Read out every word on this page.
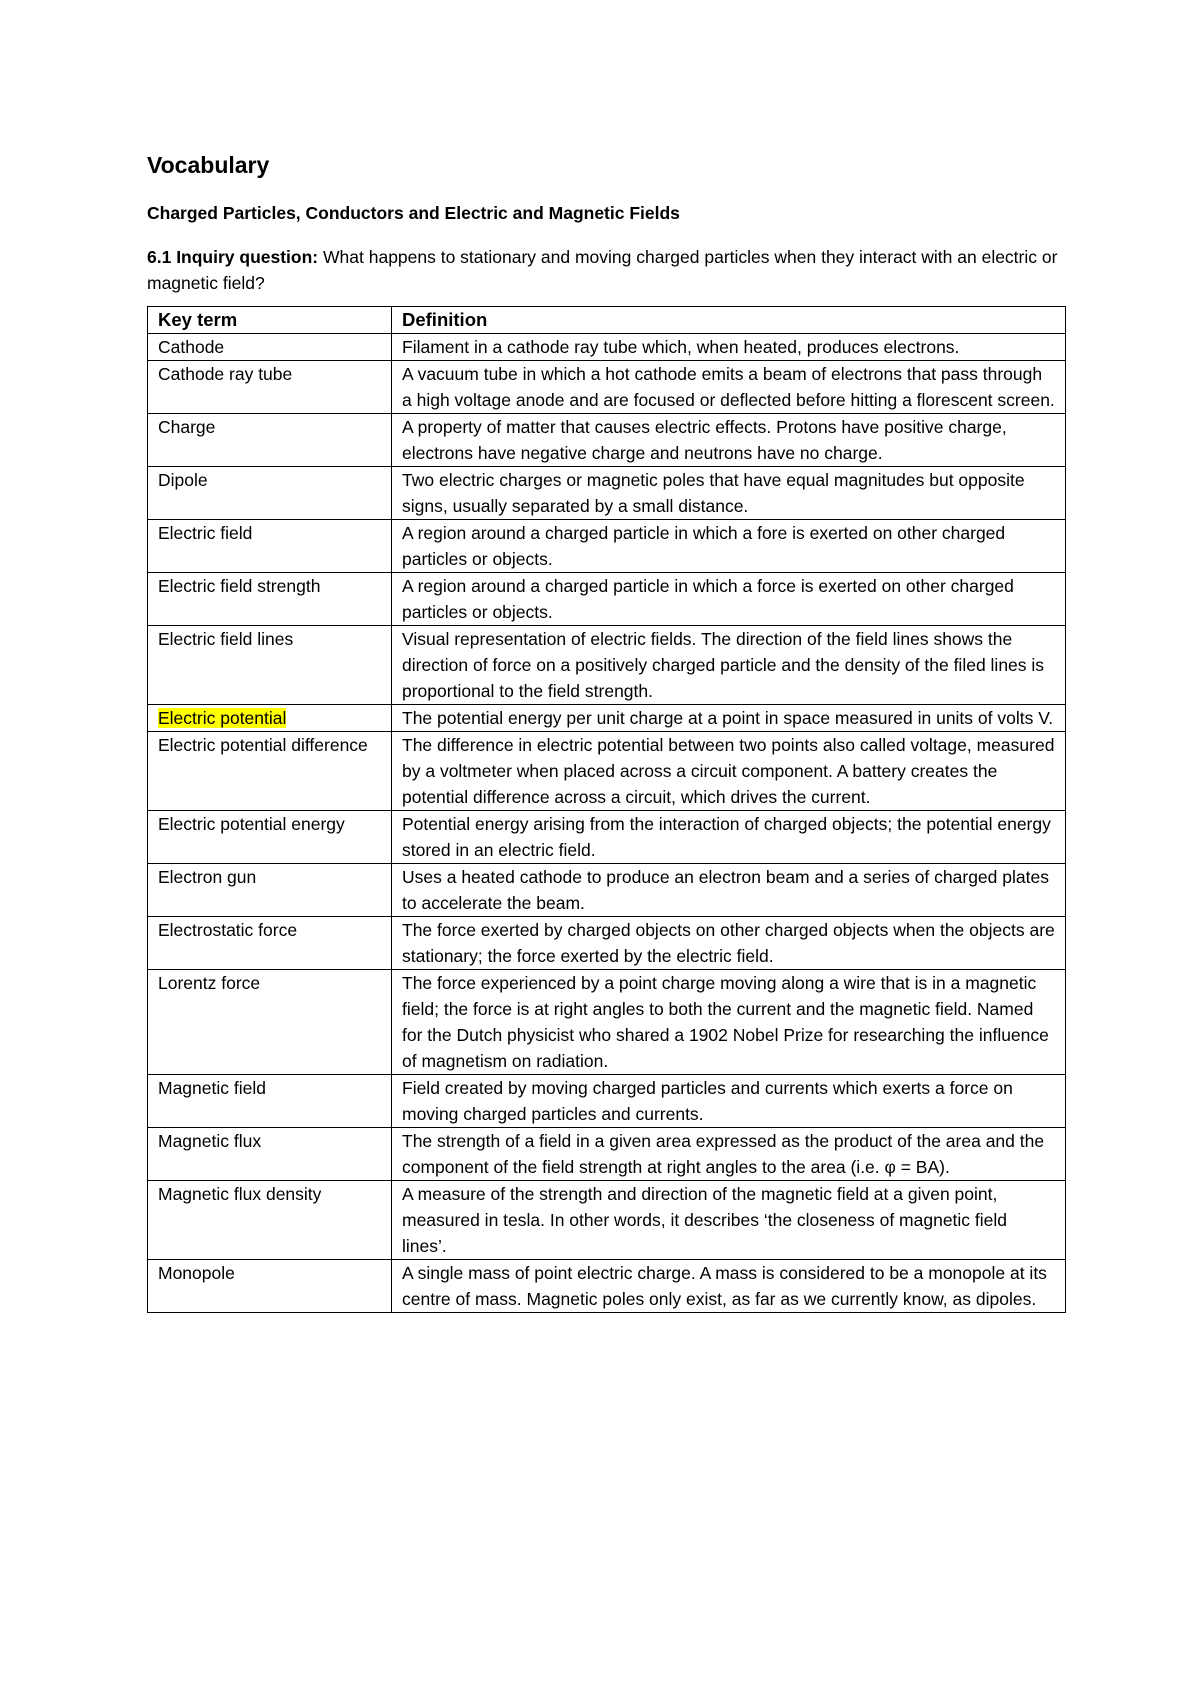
Vocabulary
Charged Particles, Conductors and Electric and Magnetic Fields

6.1 Inquiry question: What happens to stationary and moving charged particles when they interact with an electric or magnetic field?

Key term	Definition
Cathode	Filament in a cathode ray tube which, when heated, produces electrons.
Cathode ray tube	A vacuum tube in which a hot cathode emits a beam of electrons that pass through a high voltage anode and are focused or deflected before hitting a florescent screen.
Charge	A property of matter that causes electric effects. Protons have positive charge, electrons have negative charge and neutrons have no charge.
Dipole	Two electric charges or magnetic poles that have equal magnitudes but opposite signs, usually separated by a small distance.
Electric field	A region around a charged particle in which a fore is exerted on other charged particles or objects.
Electric field strength	A region around a charged particle in which a force is exerted on other charged particles or objects.
Electric field lines	Visual representation of electric fields. The direction of the field lines shows the direction of force on a positively charged particle and the density of the filed lines is proportional to the field strength.
Electric potential	The potential energy per unit charge at a point in space measured in units of volts V.
Electric potential difference	The difference in electric potential between two points also called voltage, measured by a voltmeter when placed across a circuit component. A battery creates the potential difference across a circuit, which drives the current.
Electric potential energy	Potential energy arising from the interaction of charged objects; the potential energy stored in an electric field.
Electron gun	Uses a heated cathode to produce an electron beam and a series of charged plates to accelerate the beam.
Electrostatic force	The force exerted by charged objects on other charged objects when the objects are stationary; the force exerted by the electric field.
Lorentz force	The force experienced by a point charge moving along a wire that is in a magnetic field; the force is at right angles to both the current and the magnetic field. Named for the Dutch physicist who shared a 1902 Nobel Prize for researching the influence of magnetism on radiation.
Magnetic field	Field created by moving charged particles and currents which exerts a force on moving charged particles and currents.
Magnetic flux	The strength of a field in a given area expressed as the product of the area and the component of the field strength at right angles to the area (i.e. φ = BA).
Magnetic flux density	A measure of the strength and direction of the magnetic field at a given point, measured in tesla. In other words, it describes ‘the closeness of magnetic field lines’.
Monopole	A single mass of point electric charge. A mass is considered to be a monopole at its centre of mass. Magnetic poles only exist, as far as we currently know, as dipoles.
